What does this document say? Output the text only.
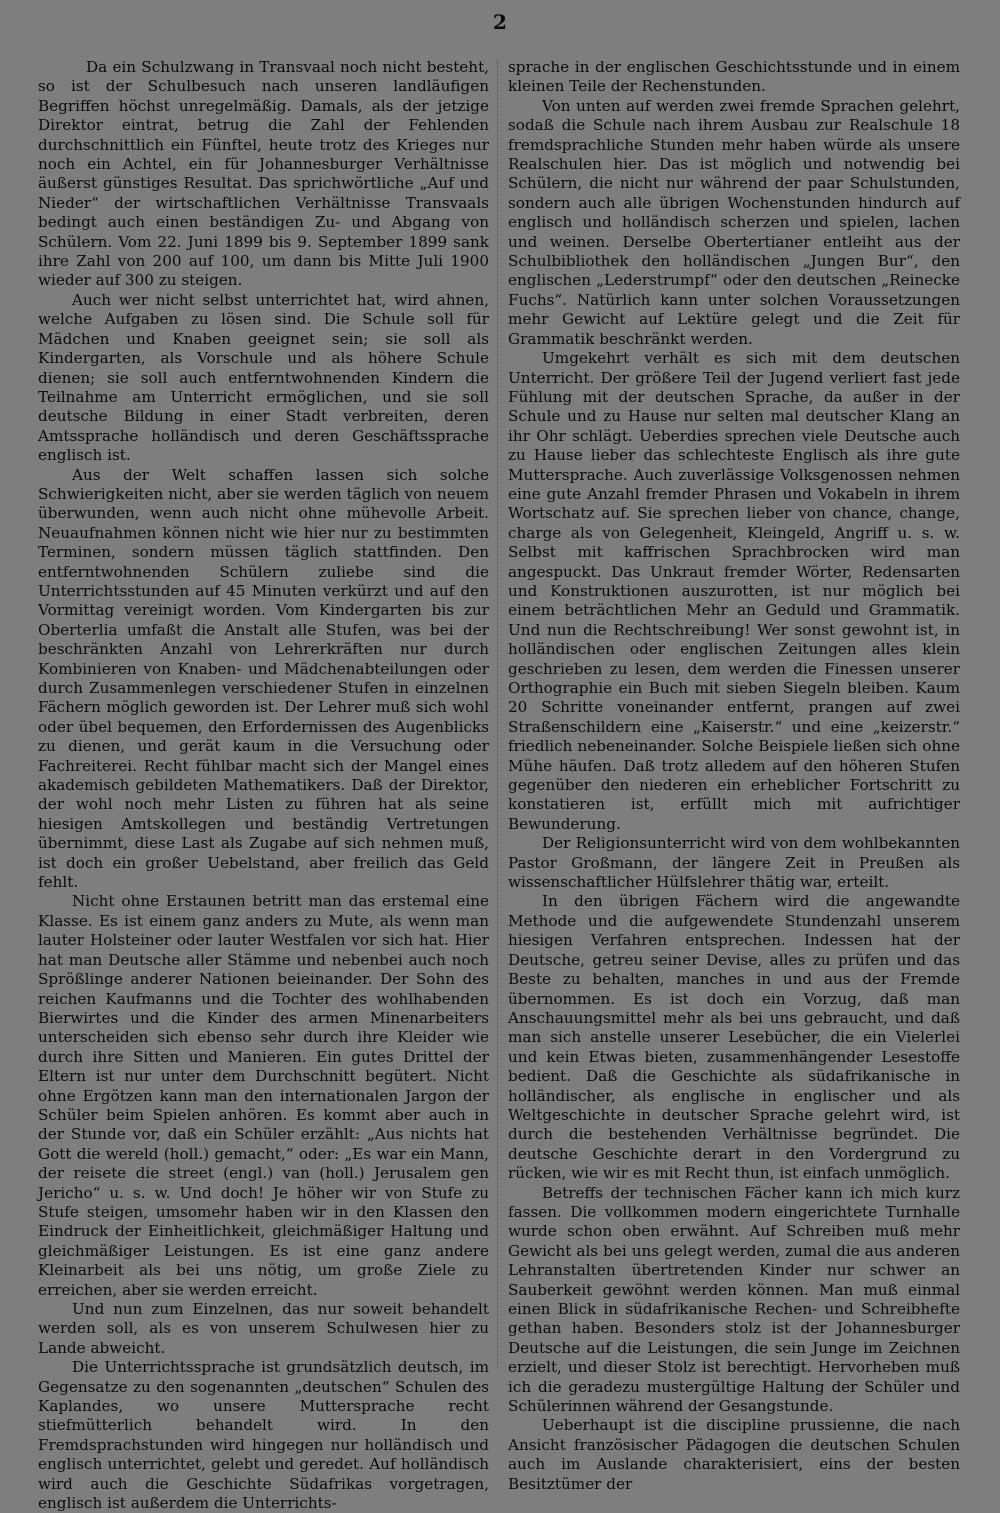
2

Da ein Schulzwang in Transvaal noch nicht besteht, so ist der Schulbesuch nach unseren landläufigen Begriffen höchst unregelmäßig. Damals, als der jetzige Direktor eintrat, betrug die Zahl der Fehlenden durchschnittlich ein Fünftel, heute trotz des Krieges nur noch ein Achtel, ein für Johannesburger Verhältnisse äußerst günstiges Resultat. Das sprichwörtliche „Auf und Nieder“ der wirtschaftlichen Verhältnisse Transvaals bedingt auch einen beständigen Zu- und Abgang von Schülern. Vom 22. Juni 1899 bis 9. September 1899 sank ihre Zahl von 200 auf 100, um dann bis Mitte Juli 1900 wieder auf 300 zu steigen.

Auch wer nicht selbst unterrichtet hat, wird ahnen, welche Aufgaben zu lösen sind. Die Schule soll für Mädchen und Knaben geeignet sein; sie soll als Kindergarten, als Vorschule und als höhere Schule dienen; sie soll auch entferntwohnenden Kindern die Teilnahme am Unterricht ermöglichen, und sie soll deutsche Bildung in einer Stadt verbreiten, deren Amtssprache holländisch und deren Geschäftssprache englisch ist.

Aus der Welt schaffen lassen sich solche Schwierigkeiten nicht, aber sie werden täglich von neuem überwunden, wenn auch nicht ohne mühevolle Arbeit. Neuaufnahmen können nicht wie hier nur zu bestimmten Terminen, sondern müssen täglich stattfinden. Den entferntwohnenden Schülern zuliebe sind die Unterrichtsstunden auf 45 Minuten verkürzt und auf den Vormittag vereinigt worden. Vom Kindergarten bis zur Oberterlia umfaßt die Anstalt alle Stufen, was bei der beschränkten Anzahl von Lehrerkräften nur durch Kombinieren von Knaben- und Mädchenabteilungen oder durch Zusammenlegen verschiedener Stufen in einzelnen Fächern möglich geworden ist. Der Lehrer muß sich wohl oder übel bequemen, den Erfordernissen des Augenblicks zu dienen, und gerät kaum in die Versuchung oder Fachreiterei. Recht fühlbar macht sich der Mangel eines akademisch gebildeten Mathematikers. Daß der Direktor, der wohl noch mehr Listen zu führen hat als seine hiesigen Amtskollegen und beständig Vertretungen übernimmt, diese Last als Zugabe auf sich nehmen muß, ist doch ein großer Uebelstand, aber freilich das Geld fehlt.

Nicht ohne Erstaunen betritt man das erstemal eine Klasse. Es ist einem ganz anders zu Mute, als wenn man lauter Holsteiner oder lauter Westfalen vor sich hat. Hier hat man Deutsche aller Stämme und nebenbei auch noch Sprößlinge anderer Nationen beieinander. Der Sohn des reichen Kaufmanns und die Tochter des wohlhabenden Bierwirtes und die Kinder des armen Minenarbeiters unterscheiden sich ebenso sehr durch ihre Kleider wie durch ihre Sitten und Manieren. Ein gutes Drittel der Eltern ist nur unter dem Durchschnitt begütert. Nicht ohne Ergötzen kann man den internationalen Jargon der Schüler beim Spielen anhören. Es kommt aber auch in der Stunde vor, daß ein Schüler erzählt: „Aus nichts hat Gott die wereld (holl.) gemacht,“ oder: „Es war ein Mann, der reisete die street (engl.) van (holl.) Jerusalem gen Jericho“ u. s. w. Und doch! Je höher wir von Stufe zu Stufe steigen, umsomehr haben wir in den Klassen den Eindruck der Einheitlichkeit, gleichmäßiger Haltung und gleichmäßiger Leistungen. Es ist eine ganz andere Kleinarbeit als bei uns nötig, um große Ziele zu erreichen, aber sie werden erreicht.

Und nun zum Einzelnen, das nur soweit behandelt werden soll, als es von unserem Schulwesen hier zu Lande abweicht.

Die Unterrichtssprache ist grundsätzlich deutsch, im Gegensatze zu den sogenannten „deutschen“ Schulen des Kaplandes, wo unsere Muttersprache recht stiefmütterlich behandelt wird. In den Fremdsprachstunden wird hingegen nur holländisch und englisch unterrichtet, gelebt und geredet. Auf holländisch wird auch die Geschichte Südafrikas vorgetragen, englisch ist außerdem die Unterrichts-

sprache in der englischen Geschichtsstunde und in einem kleinen Teile der Rechenstunden.

Von unten auf werden zwei fremde Sprachen gelehrt, sodaß die Schule nach ihrem Ausbau zur Realschule 18 fremdsprachliche Stunden mehr haben würde als unsere Realschulen hier. Das ist möglich und notwendig bei Schülern, die nicht nur während der paar Schulstunden, sondern auch alle übrigen Wochenstunden hindurch auf englisch und holländisch scherzen und spielen, lachen und weinen. Derselbe Obertertianer entleiht aus der Schulbibliothek den holländischen „Jungen Bur“, den englischen „Lederstrumpf“ oder den deutschen „Reinecke Fuchs“. Natürlich kann unter solchen Voraussetzungen mehr Gewicht auf Lektüre gelegt und die Zeit für Grammatik beschränkt werden.

Umgekehrt verhält es sich mit dem deutschen Unterricht. Der größere Teil der Jugend verliert fast jede Fühlung mit der deutschen Sprache, da außer in der Schule und zu Hause nur selten mal deutscher Klang an ihr Ohr schlägt. Ueberdies sprechen viele Deutsche auch zu Hause lieber das schlechteste Englisch als ihre gute Muttersprache. Auch zuverlässige Volksgenossen nehmen eine gute Anzahl fremder Phrasen und Vokabeln in ihrem Wortschatz auf. Sie sprechen lieber von chance, change, charge als von Gelegenheit, Kleingeld, Angriff u. s. w. Selbst mit kaffrischen Sprachbrocken wird man angespuckt. Das Unkraut fremder Wörter, Redensarten und Konstruktionen auszurotten, ist nur möglich bei einem beträchtlichen Mehr an Geduld und Grammatik. Und nun die Rechtschreibung! Wer sonst gewohnt ist, in holländischen oder englischen Zeitungen alles klein geschrieben zu lesen, dem werden die Finessen unserer Orthographie ein Buch mit sieben Siegeln bleiben. Kaum 20 Schritte voneinander entfernt, prangen auf zwei Straßenschildern eine „Kaiserstr.“ und eine „keizerstr.“ friedlich nebeneinander. Solche Beispiele ließen sich ohne Mühe häufen. Daß trotz alledem auf den höheren Stufen gegenüber den niederen ein erheblicher Fortschritt zu konstatieren ist, erfüllt mich mit aufrichtiger Bewunderung.

Der Religionsunterricht wird von dem wohlbekannten Pastor Großmann, der längere Zeit in Preußen als wissenschaftlicher Hülfslehrer thätig war, erteilt.

In den übrigen Fächern wird die angewandte Methode und die aufgewendete Stundenzahl unserem hiesigen Verfahren entsprechen. Indessen hat der Deutsche, getreu seiner Devise, alles zu prüfen und das Beste zu behalten, manches in und aus der Fremde übernommen. Es ist doch ein Vorzug, daß man Anschauungsmittel mehr als bei uns gebraucht, und daß man sich anstelle unserer Lesebücher, die ein Vielerlei und kein Etwas bieten, zusammenhängender Lesestoffe bedient. Daß die Geschichte als südafrikanische in holländischer, als englische in englischer und als Weltgeschichte in deutscher Sprache gelehrt wird, ist durch die bestehenden Verhältnisse begründet. Die deutsche Geschichte derart in den Vordergrund zu rücken, wie wir es mit Recht thun, ist einfach unmöglich.

Betreffs der technischen Fächer kann ich mich kurz fassen. Die vollkommen modern eingerichtete Turnhalle wurde schon oben erwähnt. Auf Schreiben muß mehr Gewicht als bei uns gelegt werden, zumal die aus anderen Lehranstalten übertretenden Kinder nur schwer an Sauberkeit gewöhnt werden können. Man muß einmal einen Blick in südafrikanische Rechen- und Schreibhefte gethan haben. Besonders stolz ist der Johannesburger Deutsche auf die Leistungen, die sein Junge im Zeichnen erzielt, und dieser Stolz ist berechtigt. Hervorheben muß ich die geradezu mustergültige Haltung der Schüler und Schülerinnen während der Gesangstunde.

Ueberhaupt ist die discipline prussienne, die nach Ansicht französischer Pädagogen die deutschen Schulen auch im Auslande charakterisiert, eins der besten Besitztümer der
